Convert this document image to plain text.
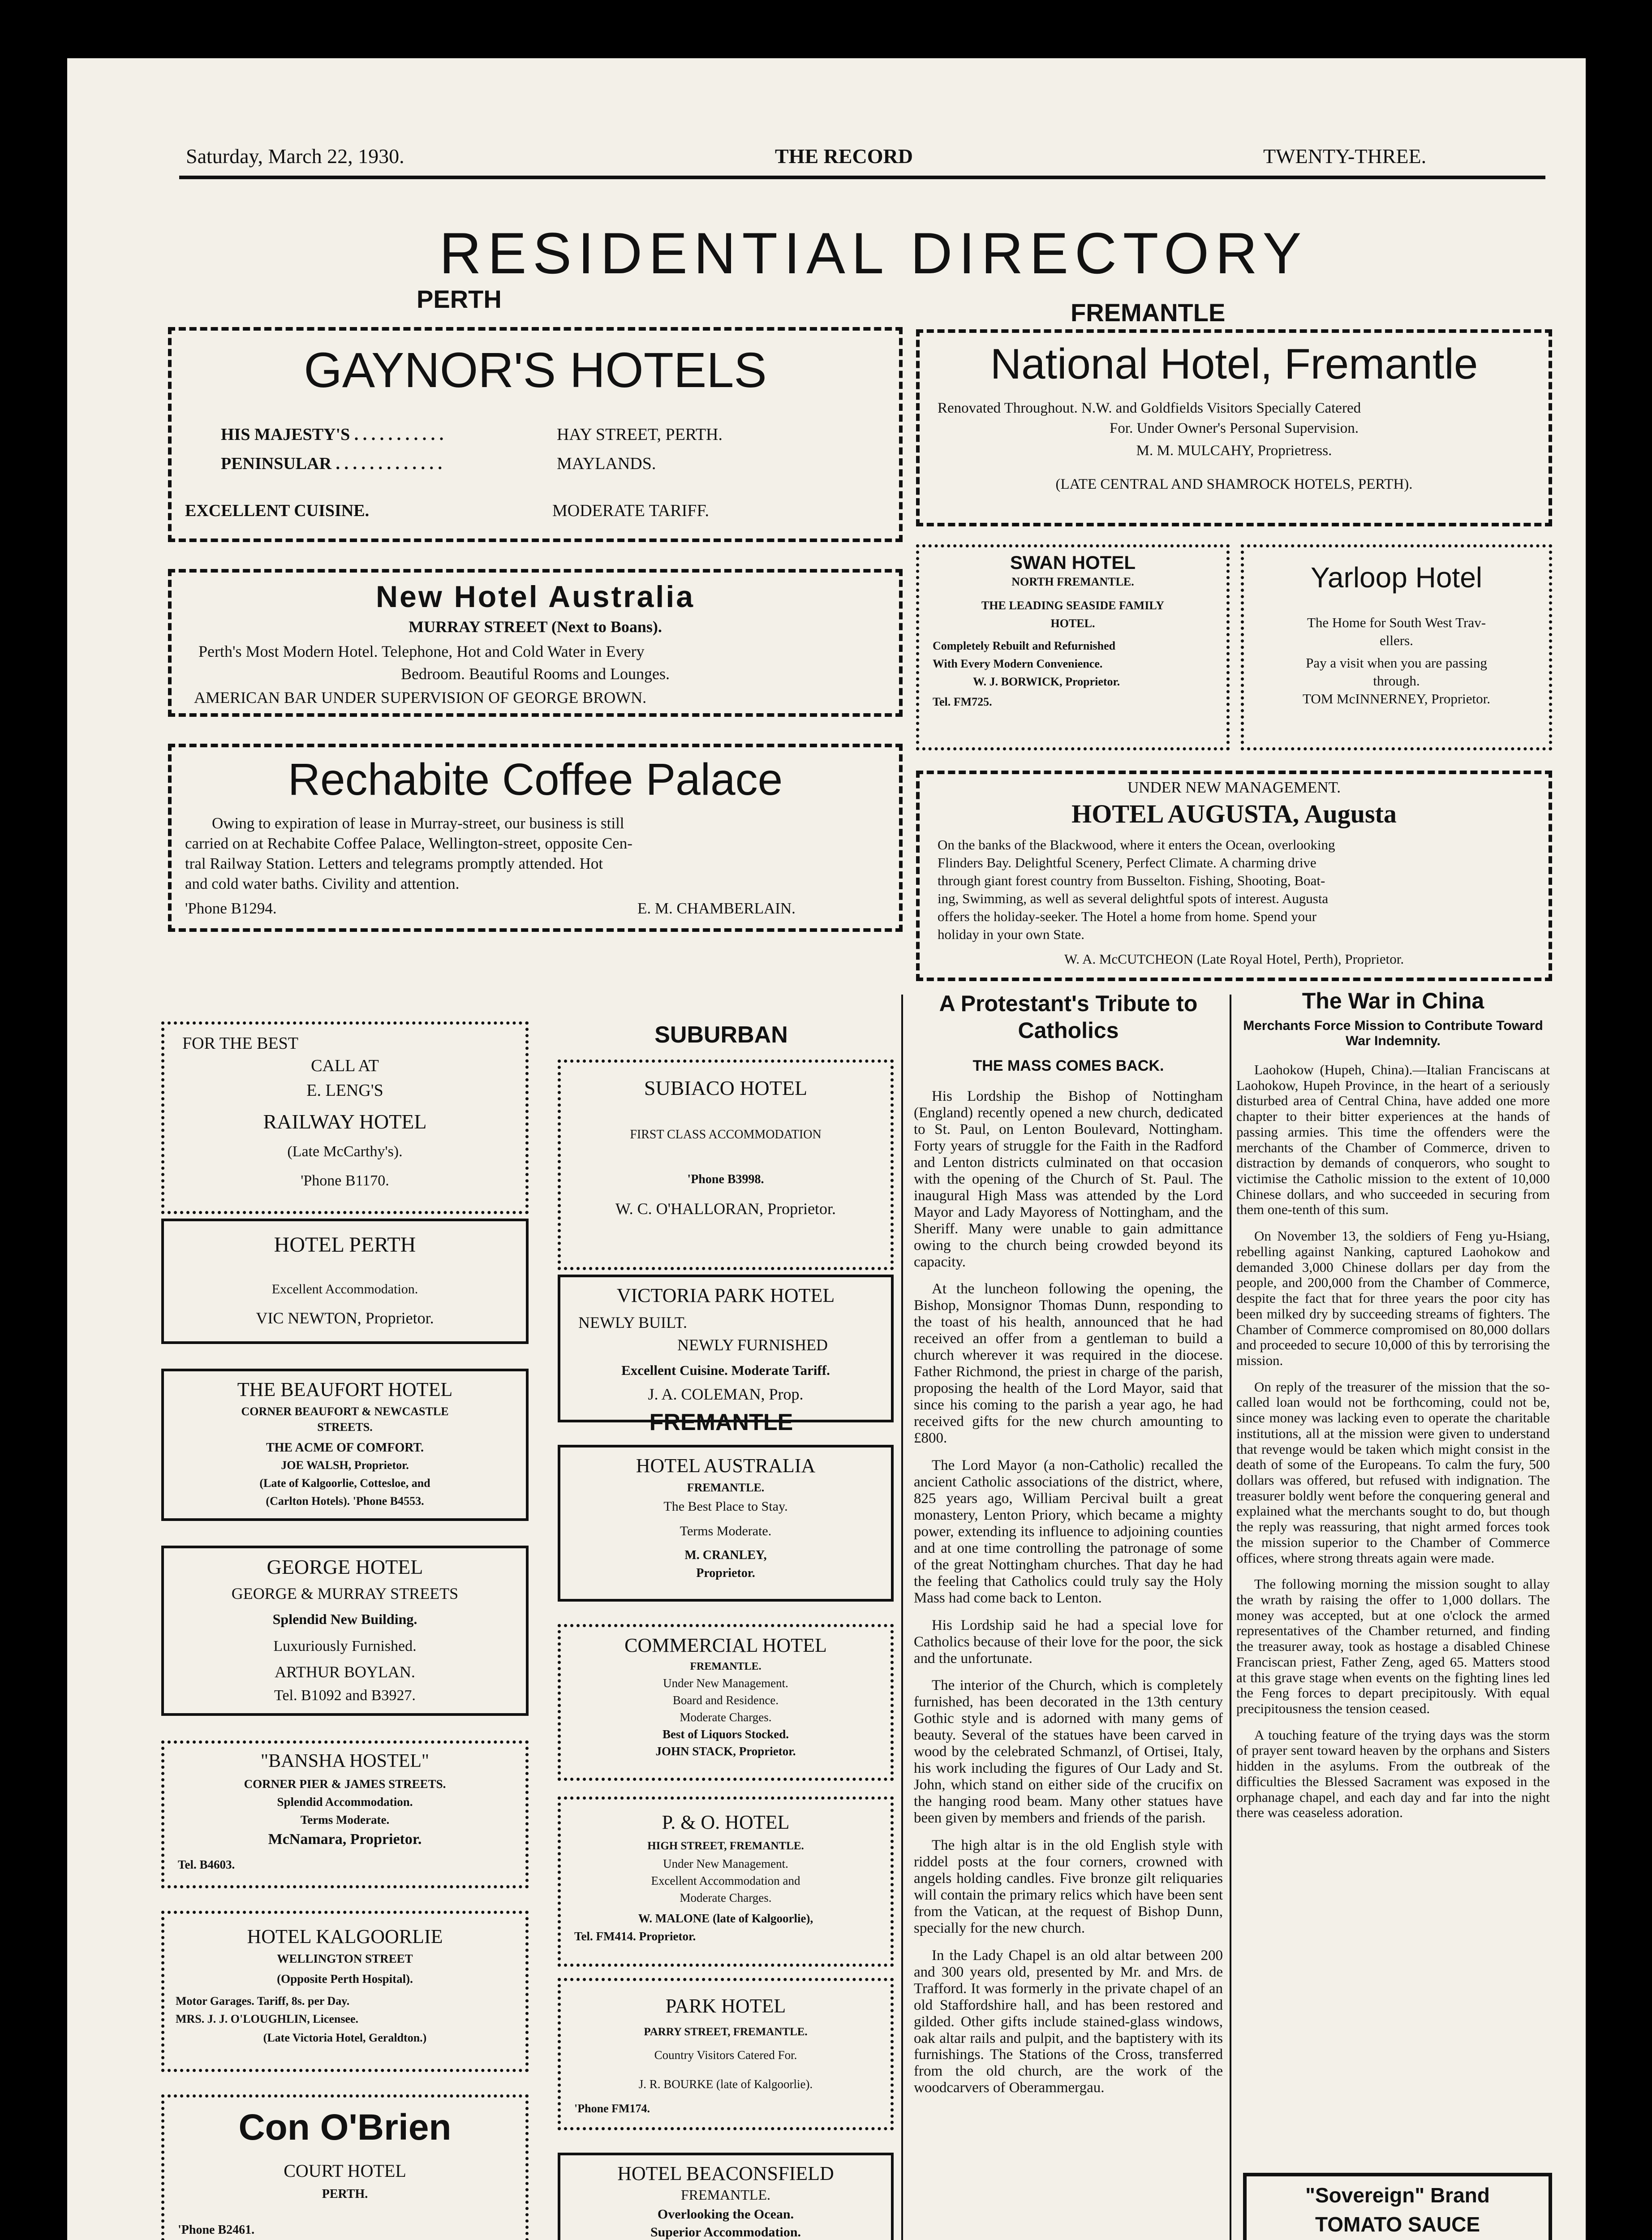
Saturday, March 22, 1930.	THE RECORD	TWENTY-THREE.
RESIDENTIAL DIRECTORY
PERTH	FREMANTLE
GAYNOR'S HOTELS
HIS MAJESTY'S . . . . . . . . . . .	HAY STREET, PERTH.
PENINSULAR . . . . . . . . . . . . .	MAYLANDS.
EXCELLENT CUISINE.	MODERATE TARIFF.
New Hotel Australia
MURRAY STREET (Next to Boans).
Perth's Most Modern Hotel. Telephone, Hot and Cold Water in Every
Bedroom. Beautiful Rooms and Lounges.
AMERICAN BAR UNDER SUPERVISION OF GEORGE BROWN.
Rechabite Coffee Palace
Owing to expiration of lease in Murray-street, our business is still
carried on at Rechabite Coffee Palace, Wellington-street, opposite Cen-
tral Railway Station. Letters and telegrams promptly attended. Hot
and cold water baths. Civility and attention.
'Phone B1294.	E. M. CHAMBERLAIN.
National Hotel, Fremantle
Renovated Throughout. N.W. and Goldfields Visitors Specially Catered
For. Under Owner's Personal Supervision.
M. M. MULCAHY, Proprietress.
(LATE CENTRAL AND SHAMROCK HOTELS, PERTH).
SWAN HOTEL
NORTH FREMANTLE.
THE LEADING SEASIDE FAMILY
HOTEL.
Completely Rebuilt and Refurnished
With Every Modern Convenience.
W. J. BORWICK, Proprietor.
Tel. FM725.
Yarloop Hotel
The Home for South West Trav-
ellers.
Pay a visit when you are passing
through.
TOM McINNERNEY, Proprietor.
UNDER NEW MANAGEMENT.
HOTEL AUGUSTA, Augusta
On the banks of the Blackwood, where it enters the Ocean, overlooking
Flinders Bay. Delightful Scenery, Perfect Climate. A charming drive
through giant forest country from Busselton. Fishing, Shooting, Boat-
ing, Swimming, as well as several delightful spots of interest. Augusta
offers the holiday-seeker. The Hotel a home from home. Spend your
holiday in your own State.
W. A. McCUTCHEON (Late Royal Hotel, Perth), Proprietor.
FOR THE BEST
CALL AT
E. LENG'S
RAILWAY HOTEL
(Late McCarthy's).
'Phone B1170.
HOTEL PERTH
Excellent Accommodation.
VIC NEWTON, Proprietor.
THE BEAUFORT HOTEL
CORNER BEAUFORT & NEWCASTLE
STREETS.
THE ACME OF COMFORT.
JOE WALSH, Proprietor.
(Late of Kalgoorlie, Cottesloe, and
(Carlton Hotels). 'Phone B4553.
GEORGE HOTEL
GEORGE & MURRAY STREETS
Splendid New Building.
Luxuriously Furnished.
ARTHUR BOYLAN.
Tel. B1092 and B3927.
"BANSHA HOSTEL"
CORNER PIER & JAMES STREETS.
Splendid Accommodation.
Terms Moderate.
McNamara, Proprietor.
Tel. B4603.
HOTEL KALGOORLIE
WELLINGTON STREET
(Opposite Perth Hospital).
Motor Garages. Tariff, 8s. per Day.
MRS. J. J. O'LOUGHLIN, Licensee.
(Late Victoria Hotel, Geraldton.)
Con O'Brien
COURT HOTEL
PERTH.
'Phone B2461.
SUBURBAN
SUBIACO HOTEL
FIRST CLASS ACCOMMODATION
'Phone B3998.
W. C. O'HALLORAN, Proprietor.
VICTORIA PARK HOTEL
NEWLY BUILT.
NEWLY FURNISHED
Excellent Cuisine. Moderate Tariff.
J. A. COLEMAN, Prop.
FREMANTLE
HOTEL AUSTRALIA
FREMANTLE.
The Best Place to Stay.
Terms Moderate.
M. CRANLEY,
Proprietor.
COMMERCIAL HOTEL
FREMANTLE.
Under New Management.
Board and Residence.
Moderate Charges.
Best of Liquors Stocked.
JOHN STACK, Proprietor.
P. & O. HOTEL
HIGH STREET, FREMANTLE.
Under New Management.
Excellent Accommodation and
Moderate Charges.
W. MALONE (late of Kalgoorlie),
Tel. FM414. Proprietor.
PARK HOTEL
PARRY STREET, FREMANTLE.
Country Visitors Catered For.
J. R. BOURKE (late of Kalgoorlie).
'Phone FM174.
HOTEL BEACONSFIELD
FREMANTLE.
Overlooking the Ocean.
Superior Accommodation.
A Protestant's Tribute to Catholics
THE MASS COMES BACK.

His Lordship the Bishop of Nottingham (England) recently opened a new church, dedicated to St. Paul, on Lenton Boulevard, Nottingham. Forty years of struggle for the Faith in the Radford and Lenton districts culminated on that occasion with the opening of the Church of St. Paul. The inaugural High Mass was attended by the Lord Mayor and Lady Mayoress of Nottingham, and the Sheriff. Many were unable to gain admittance owing to the church being crowded beyond its capacity.

At the luncheon following the opening, the Bishop, Monsignor Thomas Dunn, responding to the toast of his health, announced that he had received an offer from a gentleman to build a church wherever it was required in the diocese. Father Richmond, the priest in charge of the parish, proposing the health of the Lord Mayor, said that since his coming to the parish a year ago, he had received gifts for the new church amounting to £800.

The Lord Mayor (a non-Catholic) recalled the ancient Catholic associations of the district, where, 825 years ago, William Percival built a great monastery, Lenton Priory, which became a mighty power, extending its influence to adjoining counties and at one time controlling the patronage of some of the great Nottingham churches. That day he had the feeling that Catholics could truly say the Holy Mass had come back to Lenton.

His Lordship said he had a special love for Catholics because of their love for the poor, the sick and the unfortunate.

The interior of the Church, which is completely furnished, has been decorated in the 13th century Gothic style and is adorned with many gems of beauty. Several of the statues have been carved in wood by the celebrated Schmanzl, of Ortisei, Italy, his work including the figures of Our Lady and St. John, which stand on either side of the crucifix on the hanging rood beam. Many other statues have been given by members and friends of the parish.

The high altar is in the old English style with riddel posts at the four corners, crowned with angels holding candles. Five bronze gilt reliquaries will contain the primary relics which have been sent from the Vatican, at the request of Bishop Dunn, specially for the new church.

In the Lady Chapel is an old altar between 200 and 300 years old, presented by Mr. and Mrs. de Trafford. It was formerly in the private chapel of an old Staffordshire hall, and has been restored and gilded. Other gifts include stained-glass windows, oak altar rails and pulpit, and the baptistery with its furnishings. The Stations of the Cross, transferred from the old church, are the work of the woodcarvers of Oberammergau.

The War in China
Merchants Force Mission to Contribute Toward War Indemnity.

Laohokow (Hupeh, China).—Italian Franciscans at Laohokow, Hupeh Province, in the heart of a seriously disturbed area of Central China, have added one more chapter to their bitter experiences at the hands of passing armies. This time the offenders were the merchants of the Chamber of Commerce, driven to distraction by demands of conquerors, who sought to victimise the Catholic mission to the extent of 10,000 Chinese dollars, and who succeeded in securing from them one-tenth of this sum.

On November 13, the soldiers of Feng yu-Hsiang, rebelling against Nanking, captured Laohokow and demanded 3,000 Chinese dollars per day from the people, and 200,000 from the Chamber of Commerce, despite the fact that for three years the poor city has been milked dry by succeeding streams of fighters. The Chamber of Commerce compromised on 80,000 dollars and proceeded to secure 10,000 of this by terrorising the mission.

On reply of the treasurer of the mission that the so-called loan would not be forthcoming, could not be, since money was lacking even to operate the charitable institutions, all at the mission were given to understand that revenge would be taken which might consist in the death of some of the Europeans. To calm the fury, 500 dollars was offered, but refused with indignation. The treasurer boldly went before the conquering general and explained what the merchants sought to do, but though the reply was reassuring, that night armed forces took the mission superior to the Chamber of Commerce offices, where strong threats again were made.

The following morning the mission sought to allay the wrath by raising the offer to 1,000 dollars. The money was accepted, but at one o'clock the armed representatives of the Chamber returned, and finding the treasurer away, took as hostage a disabled Chinese Franciscan priest, Father Zeng, aged 65. Matters stood at this grave stage when events on the fighting lines led the Feng forces to depart precipitously. With equal precipitousness the tension ceased.

A touching feature of the trying days was the storm of prayer sent toward heaven by the orphans and Sisters hidden in the asylums. From the outbreak of the difficulties the Blessed Sacrament was exposed in the orphanage chapel, and each day and far into the night there was ceaseless adoration.

"Sovereign" Brand
TOMATO SAUCE
